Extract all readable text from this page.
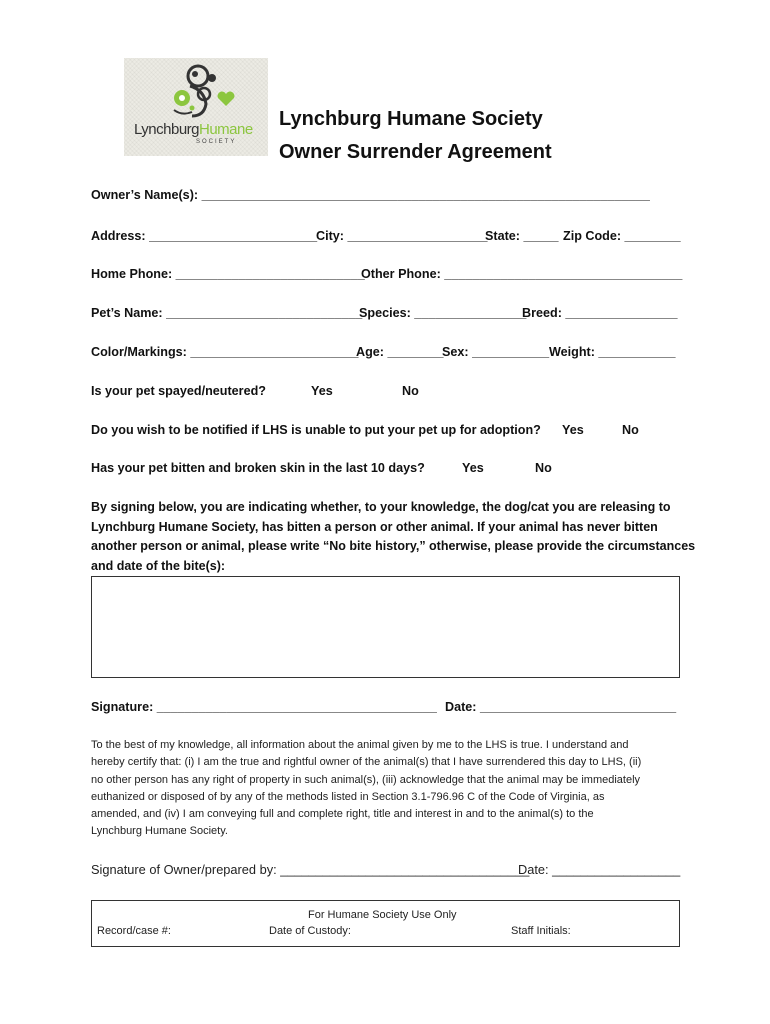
LynchburgHumane
SOCIETY
Lynchburg Humane Society
Owner Surrender Agreement
Owner’s Name(s): ________________________________________________________________
Address: ________________________
City: ____________________
State: _____ Zip Code: ________
Home Phone: ___________________________
Other Phone: __________________________________
Pet’s Name: ____________________________
Species: ________________
Breed: ________________
Color/Markings: ________________________
Age: ________
Sex: ___________ Weight: ___________
Is your pet spayed/neutered?	Yes	No
Do you wish to be notified if LHS is unable to put your pet up for adoption? Yes	No
Has your pet bitten and broken skin in the last 10 days?	Yes	No
By signing below, you are indicating whether, to your knowledge, the dog/cat you are releasing to
Lynchburg Humane Society, has bitten a person or other animal. If your animal has never bitten
another person or animal, please write “No bite history,” otherwise, please provide the circumstances
and date of the bite(s):
Signature: ________________________________________ Date: ____________________________
To the best of my knowledge, all information about the animal given by me to the LHS is true. I understand and
hereby certify that: (i) I am the true and rightful owner of the animal(s) that I have surrendered this day to LHS, (ii)
no other person has any right of property in such animal(s), (iii) acknowledge that the animal may be immediately
euthanized or disposed of by any of the methods listed in Section 3.1-796.96 C of the Code of Virginia, as
amended, and (iv) I am conveying full and complete right, title and interest in and to the animal(s) to the
Lynchburg Humane Society.
Signature of Owner/prepared by: ___________________________________
Date: __________________
For Humane Society Use Only
Record/case #:	Date of Custody:	Staff Initials:
